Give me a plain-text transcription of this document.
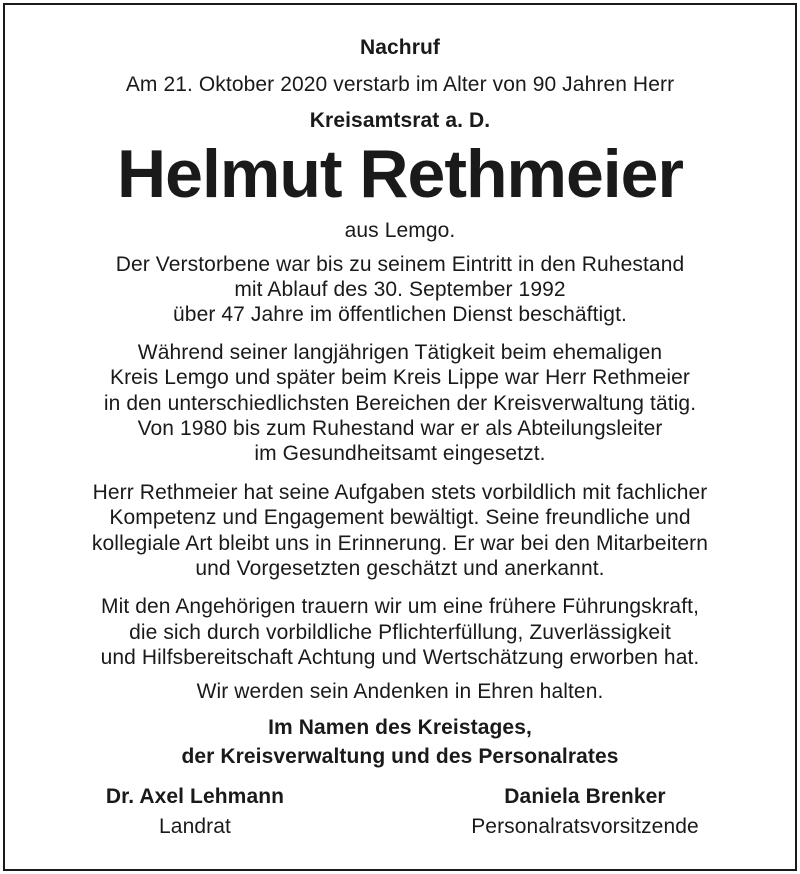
Nachruf
Am 21. Oktober 2020 verstarb im Alter von 90 Jahren Herr
Kreisamtsrat a. D.
Helmut Rethmeier
aus Lemgo.
Der Verstorbene war bis zu seinem Eintritt in den Ruhestand
mit Ablauf des 30. September 1992
über 47 Jahre im öffentlichen Dienst beschäftigt.
Während seiner langjährigen Tätigkeit beim ehemaligen
Kreis Lemgo und später beim Kreis Lippe war Herr Rethmeier
in den unterschiedlichsten Bereichen der Kreisverwaltung tätig.
Von 1980 bis zum Ruhestand war er als Abteilungsleiter
im Gesundheitsamt eingesetzt.
Herr Rethmeier hat seine Aufgaben stets vorbildlich mit fachlicher
Kompetenz und Engagement bewältigt. Seine freundliche und
kollegiale Art bleibt uns in Erinnerung. Er war bei den Mitarbeitern
und Vorgesetzten geschätzt und anerkannt.
Mit den Angehörigen trauern wir um eine frühere Führungskraft,
die sich durch vorbildliche Pflichterfüllung, Zuverlässigkeit
und Hilfsbereitschaft Achtung und Wertschätzung erworben hat.
Wir werden sein Andenken in Ehren halten.
Im Namen des Kreistages,
der Kreisverwaltung und des Personalrates
Dr. Axel Lehmann
Landrat
Daniela Brenker
Personalratsvorsitzende
